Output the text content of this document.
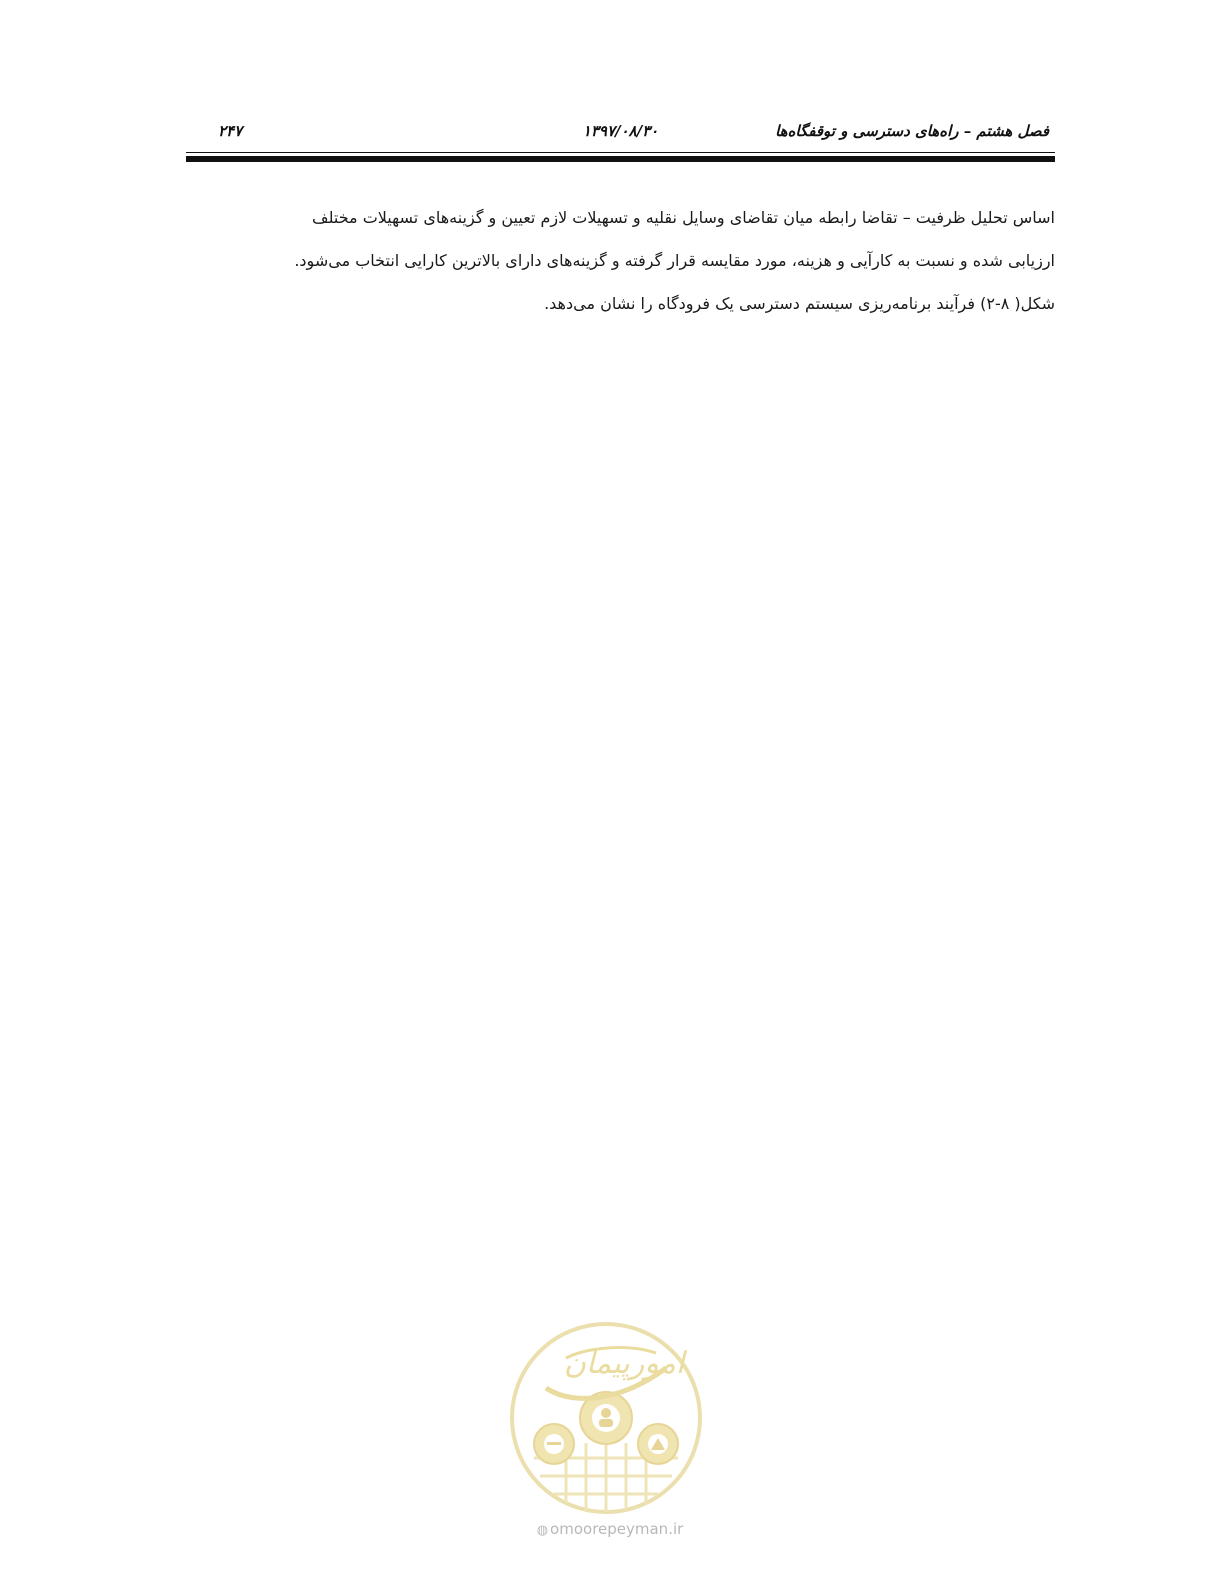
فصل هشتم – راه‌های دسترسی و توقفگاه‌ها
۱۳۹۷/۰۸/۳۰
۲۴۷

اساس تحلیل ظرفیت – تقاضا رابطه میان تقاضای وسایل نقلیه و تسهیلات لازم تعیین و گزینه‌های تسهیلات مختلف

ارزیابی شده و نسبت به کارآیی و هزینه، مورد مقایسه قرار گرفته و گزینه‌های دارای بالاترین کارایی انتخاب می‌شود.

شکل( ۸-۲) فرآیند برنامه‌ریزی سیستم دسترسی یک فرودگاه را نشان می‌دهد.

امورپیمان
◍ omoorepeyman.ir
